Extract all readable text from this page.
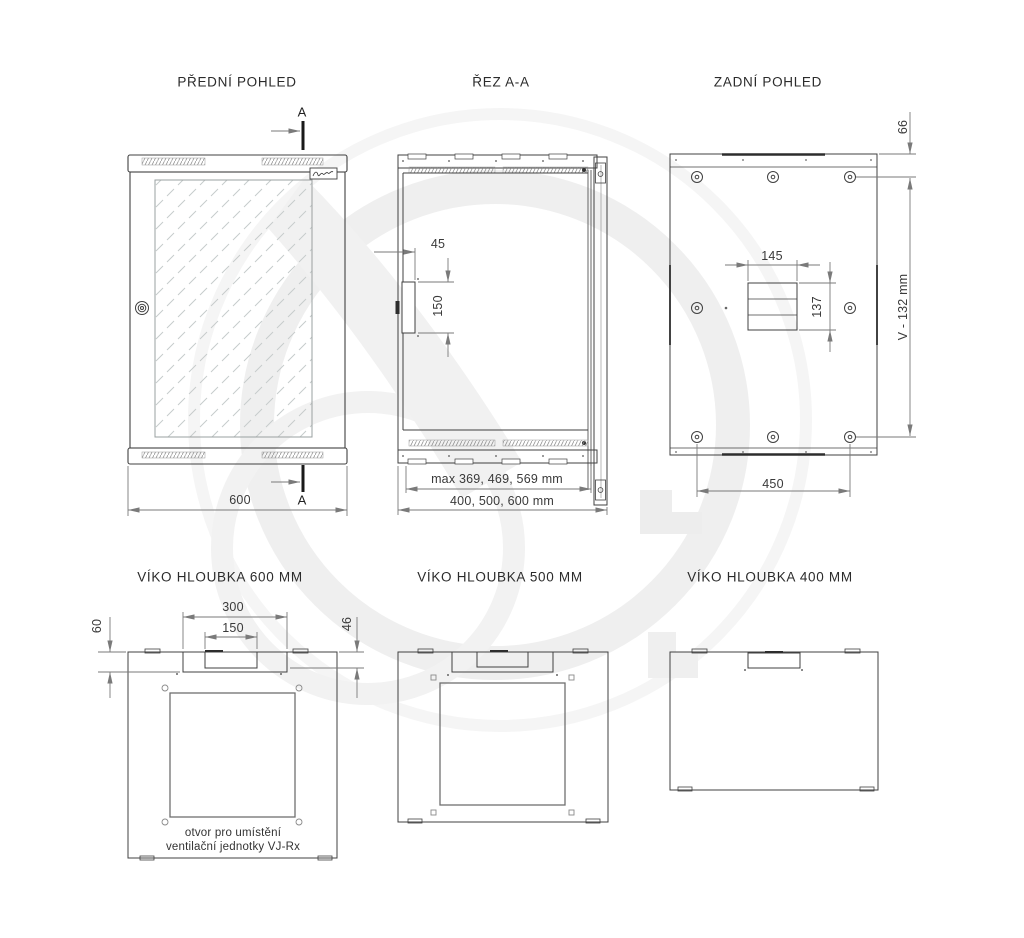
PŘEDNÍ POHLED
A
A
600
ŘEZ A-A
45
150
max 369, 469, 569 mm
400, 500, 600 mm
ZADNÍ POHLED
66
145
137	V - 132 mm
450
VÍKO HLOUBKA 600 MM
300
150
60	46
otvor pro umístění
ventilační jednotky VJ-Rx
VÍKO HLOUBKA 500 MM	VÍKO HLOUBKA 400 MM
